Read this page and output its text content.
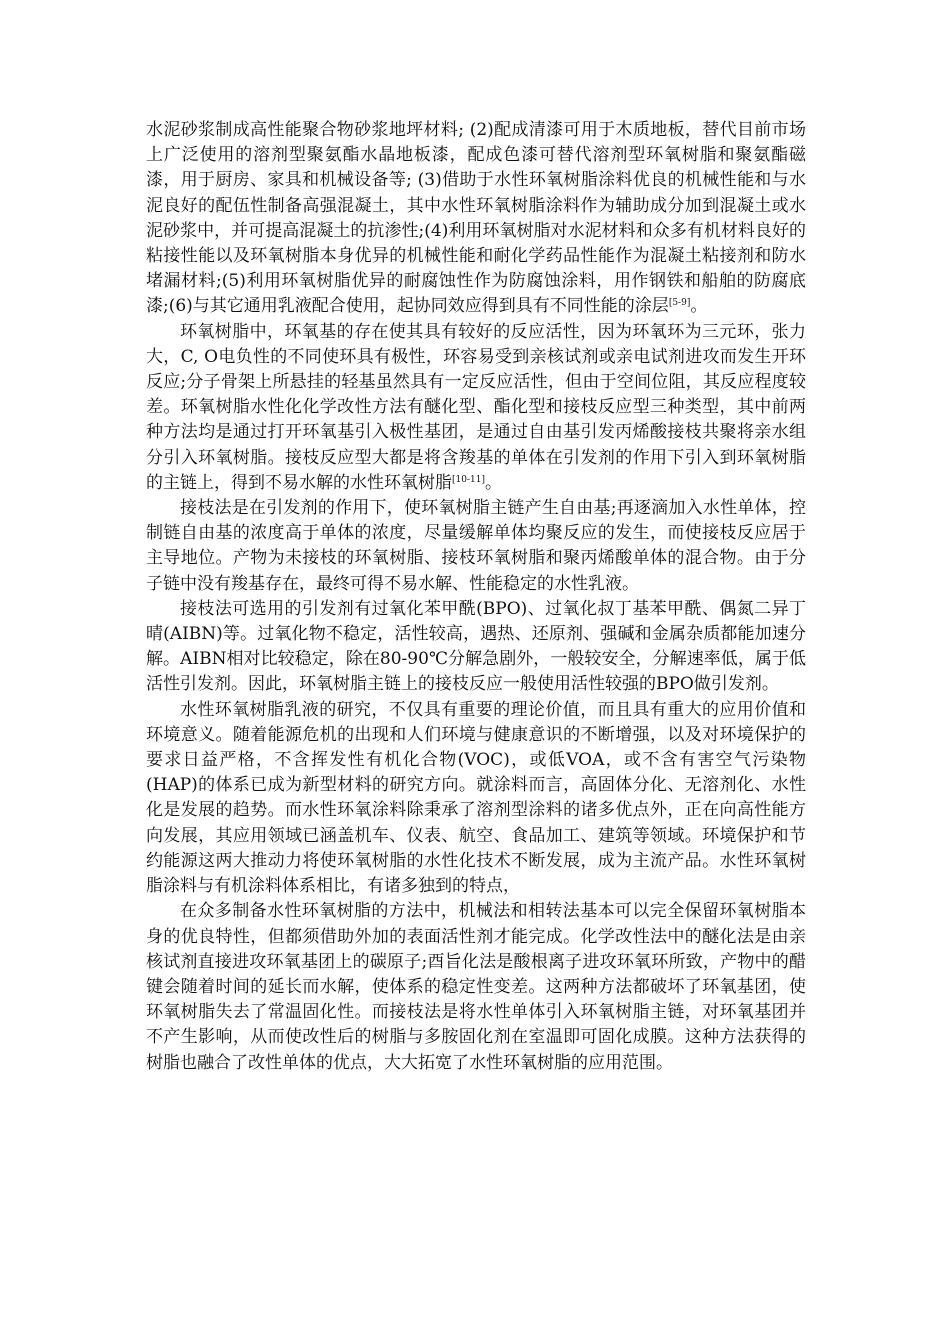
水泥砂浆制成高性能聚合物砂浆地坪材料; (2)配成清漆可用于木质地板，替代目前市场上广泛使用的溶剂型聚氨酯水晶地板漆，配成色漆可替代溶剂型环氧树脂和聚氨酯磁漆，用于厨房、家具和机械设备等; (3)借助于水性环氧树脂涂料优良的机械性能和与水泥良好的配伍性制备高强混凝土，其中水性环氧树脂涂料作为辅助成分加到混凝土或水泥砂浆中，并可提高混凝土的抗渗性;(4)利用环氧树脂对水泥材料和众多有机材料良好的粘接性能以及环氧树脂本身优异的机械性能和耐化学药品性能作为混凝土粘接剂和防水堵漏材料;(5)利用环氧树脂优异的耐腐蚀性作为防腐蚀涂料，用作钢铁和船舶的防腐底漆;(6)与其它通用乳液配合使用，起协同效应得到具有不同性能的涂层[5-9]。

环氧树脂中，环氧基的存在使其具有较好的反应活性，因为环氧环为三元环，张力大，C, O电负性的不同使环具有极性，环容易受到亲核试剂或亲电试剂进攻而发生开环反应;分子骨架上所悬挂的轻基虽然具有一定反应活性，但由于空间位阻，其反应程度较差。环氧树脂水性化化学改性方法有醚化型、酯化型和接枝反应型三种类型，其中前两种方法均是通过打开环氧基引入极性基团，是通过自由基引发丙烯酸接枝共聚将亲水组分引入环氧树脂。接枝反应型大都是将含羧基的单体在引发剂的作用下引入到环氧树脂的主链上，得到不易水解的水性环氧树脂[10-11]。

接枝法是在引发剂的作用下，使环氧树脂主链产生自由基;再逐滴加入水性单体，控制链自由基的浓度高于单体的浓度，尽量缓解单体均聚反应的发生，而使接枝反应居于主导地位。产物为未接枝的环氧树脂、接枝环氧树脂和聚丙烯酸单体的混合物。由于分子链中没有羧基存在，最终可得不易水解、性能稳定的水性乳液。

接枝法可选用的引发剂有过氧化苯甲酰(BPO)、过氧化叔丁基苯甲酰、偶氮二异丁晴(AIBN)等。过氧化物不稳定，活性较高，遇热、还原剂、强碱和金属杂质都能加速分解。AIBN相对比较稳定，除在80-90℃分解急剧外，一般较安全，分解速率低，属于低活性引发剂。因此，环氧树脂主链上的接枝反应一般使用活性较强的BPO做引发剂。

水性环氧树脂乳液的研究，不仅具有重要的理论价值，而且具有重大的应用价值和环境意义。随着能源危机的出现和人们环境与健康意识的不断增强，以及对环境保护的要求日益严格，不含挥发性有机化合物(VOC)，或低VOA，或不含有害空气污染物(HAP)的体系已成为新型材料的研究方向。就涂料而言，高固体分化、无溶剂化、水性化是发展的趋势。而水性环氧涂料除秉承了溶剂型涂料的诸多优点外，正在向高性能方向发展，其应用领域已涵盖机车、仪表、航空、食品加工、建筑等领域。环境保护和节约能源这两大推动力将使环氧树脂的水性化技术不断发展，成为主流产品。水性环氧树脂涂料与有机涂料体系相比，有诸多独到的特点，

在众多制备水性环氧树脂的方法中，机械法和相转法基本可以完全保留环氧树脂本身的优良特性，但都须借助外加的表面活性剂才能完成。化学改性法中的醚化法是由亲核试剂直接进攻环氧基团上的碳原子;酉旨化法是酸根离子进攻环氧环所致，产物中的醋键会随着时间的延长而水解，使体系的稳定性变差。这两种方法都破坏了环氧基团，使环氧树脂失去了常温固化性。而接枝法是将水性单体引入环氧树脂主链，对环氧基团并不产生影响，从而使改性后的树脂与多胺固化剂在室温即可固化成膜。这种方法获得的树脂也融合了改性单体的优点，大大拓宽了水性环氧树脂的应用范围。
